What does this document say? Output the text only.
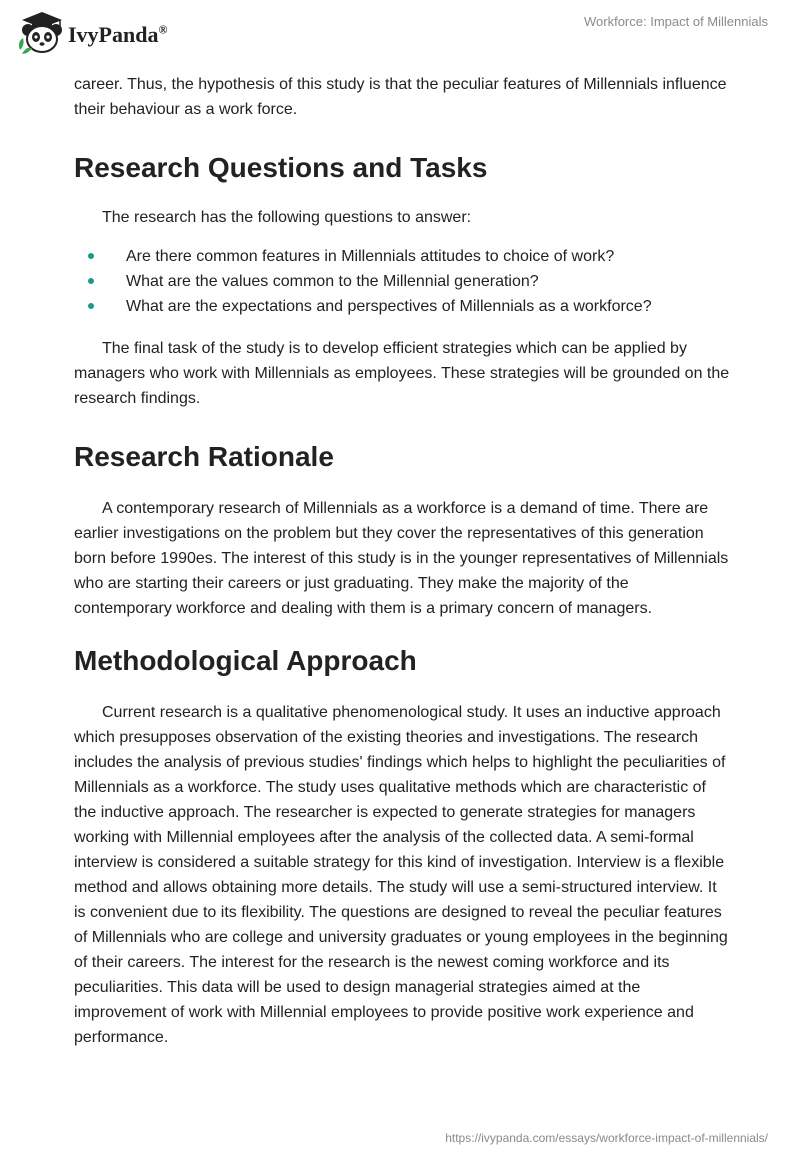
IvyPanda®
Workforce: Impact of Millennials

career. Thus, the hypothesis of this study is that the peculiar features of Millennials influence their behaviour as a work force.

Research Questions and Tasks

The research has the following questions to answer:

Are there common features in Millennials attitudes to choice of work?
What are the values common to the Millennial generation?
What are the expectations and perspectives of Millennials as a workforce?

The final task of the study is to develop efficient strategies which can be applied by managers who work with Millennials as employees. These strategies will be grounded on the research findings.

Research Rationale

A contemporary research of Millennials as a workforce is a demand of time. There are earlier investigations on the problem but they cover the representatives of this generation born before 1990es. The interest of this study is in the younger representatives of Millennials who are starting their careers or just graduating. They make the majority of the contemporary workforce and dealing with them is a primary concern of managers.

Methodological Approach

Current research is a qualitative phenomenological study. It uses an inductive approach which presupposes observation of the existing theories and investigations. The research includes the analysis of previous studies' findings which helps to highlight the peculiarities of Millennials as a workforce. The study uses qualitative methods which are characteristic of the inductive approach. The researcher is expected to generate strategies for managers working with Millennial employees after the analysis of the collected data. A semi-formal interview is considered a suitable strategy for this kind of investigation. Interview is a flexible method and allows obtaining more details. The study will use a semi-structured interview. It is convenient due to its flexibility. The questions are designed to reveal the peculiar features of Millennials who are college and university graduates or young employees in the beginning of their careers. The interest for the research is the newest coming workforce and its peculiarities. This data will be used to design managerial strategies aimed at the improvement of work with Millennial employees to provide positive work experience and performance.

https://ivypanda.com/essays/workforce-impact-of-millennials/
